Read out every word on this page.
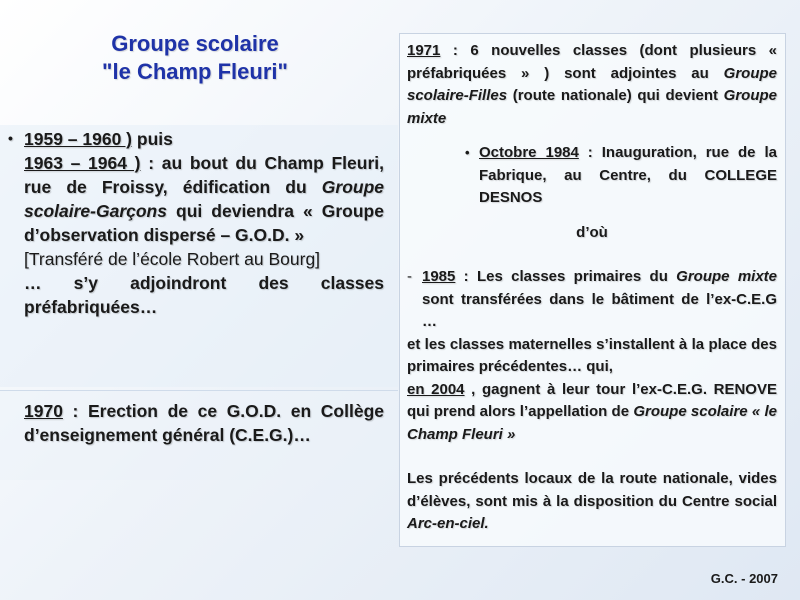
Groupe scolaire
"le Champ Fleuri"
• 1959 – 1960 ) puis
1963 – 1964 ) : au bout du Champ Fleuri, rue de Froissy, édification du Groupe scolaire-Garçons qui deviendra « Groupe d’observation dispersé – G.O.D. »
[Transféré de l’école Robert au Bourg]
… s’y adjoindront des classes préfabriquées…
1970 : Erection de ce G.O.D. en Collège d’enseignement général (C.E.G.)…
1971 : 6 nouvelles classes (dont plusieurs « préfabriquées » ) sont adjointes au Groupe scolaire-Filles (route nationale) qui devient Groupe mixte
• Octobre 1984 : Inauguration, rue de la Fabrique, au Centre, du COLLEGE DESNOS
d’où
- 1985 : Les classes primaires du Groupe mixte sont transférées dans le bâtiment de l’ex-C.E.G …
et les classes maternelles s’installent à la place des primaires précédentes… qui,
en 2004 , gagnent à leur tour l’ex-C.E.G. RENOVE qui prend alors l’appellation de Groupe scolaire « le Champ Fleuri »
Les précédents locaux de la route nationale, vides d’élèves, sont mis à la disposition du Centre social Arc-en-ciel.
G.C. - 2007
